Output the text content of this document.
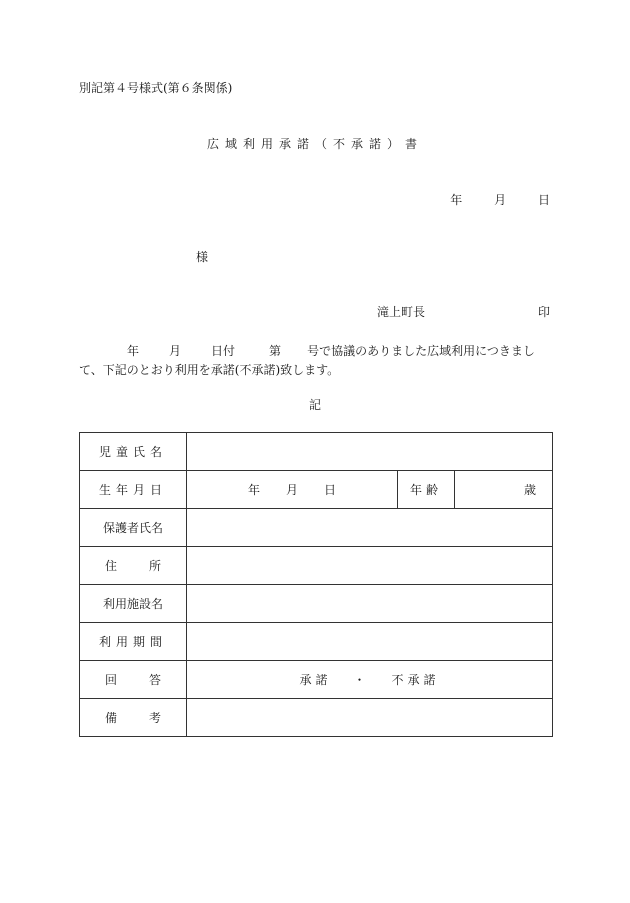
別記第４号様式(第６条関係)
広域利用承諾（不承諾）書
年	月	日
様
滝上町長	印
年	月	日付	第 号で協議のありました広域利用につきまして、下記のとおり利用を承諾(不承諾)致します。
記
児童氏名			
生年月日	年 月 日	年齢	歳
保護者氏名			

住 所			

利用施設名			
利用期間			

回 答	承諾 ・ 不承諾		

備 考			
